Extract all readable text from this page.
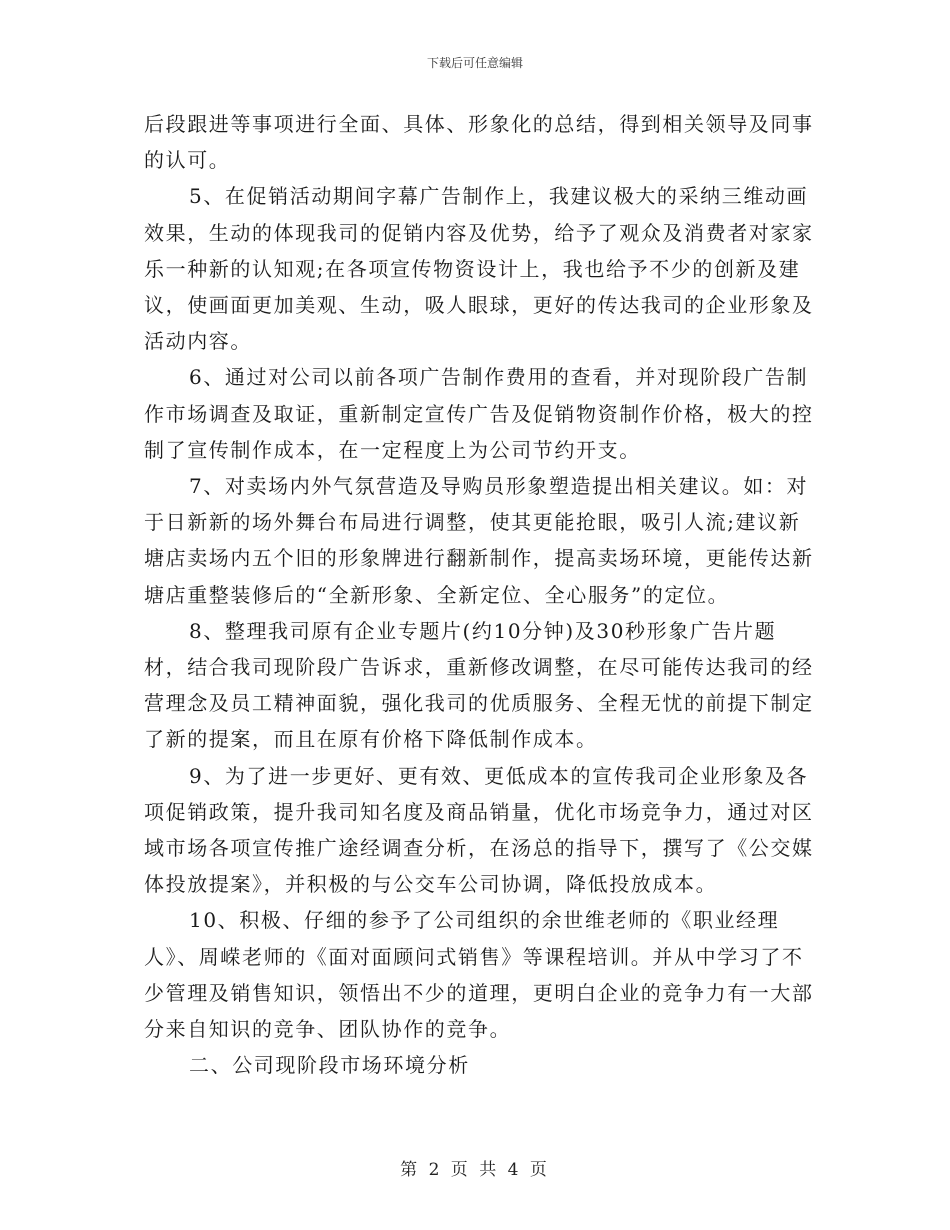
下载后可任意编辑

后段跟进等事项进行全面、具体、形象化的总结，得到相关领导及同事的认可。

5、在促销活动期间字幕广告制作上，我建议极大的采纳三维动画效果，生动的体现我司的促销内容及优势，给予了观众及消费者对家家乐一种新的认知观;在各项宣传物资设计上，我也给予不少的创新及建议，使画面更加美观、生动，吸人眼球，更好的传达我司的企业形象及活动内容。

6、通过对公司以前各项广告制作费用的查看，并对现阶段广告制作市场调查及取证，重新制定宣传广告及促销物资制作价格，极大的控制了宣传制作成本，在一定程度上为公司节约开支。

7、对卖场内外气氛营造及导购员形象塑造提出相关建议。如：对于日新新的场外舞台布局进行调整，使其更能抢眼，吸引人流;建议新塘店卖场内五个旧的形象牌进行翻新制作，提高卖场环境，更能传达新塘店重整装修后的“全新形象、全新定位、全心服务”的定位。

8、整理我司原有企业专题片(约10分钟)及30秒形象广告片题材，结合我司现阶段广告诉求，重新修改调整，在尽可能传达我司的经营理念及员工精神面貌，强化我司的优质服务、全程无忧的前提下制定了新的提案，而且在原有价格下降低制作成本。

9、为了进一步更好、更有效、更低成本的宣传我司企业形象及各项促销政策，提升我司知名度及商品销量，优化市场竞争力，通过对区域市场各项宣传推广途经调查分析，在汤总的指导下，撰写了《公交媒体投放提案》，并积极的与公交车公司协调，降低投放成本。

10、积极、仔细的参予了公司组织的余世维老师的《职业经理人》、周嵘老师的《面对面顾问式销售》等课程培训。并从中学习了不少管理及销售知识，领悟出不少的道理，更明白企业的竞争力有一大部分来自知识的竞争、团队协作的竞争。

二、公司现阶段市场环境分析

第 2 页 共 4 页
